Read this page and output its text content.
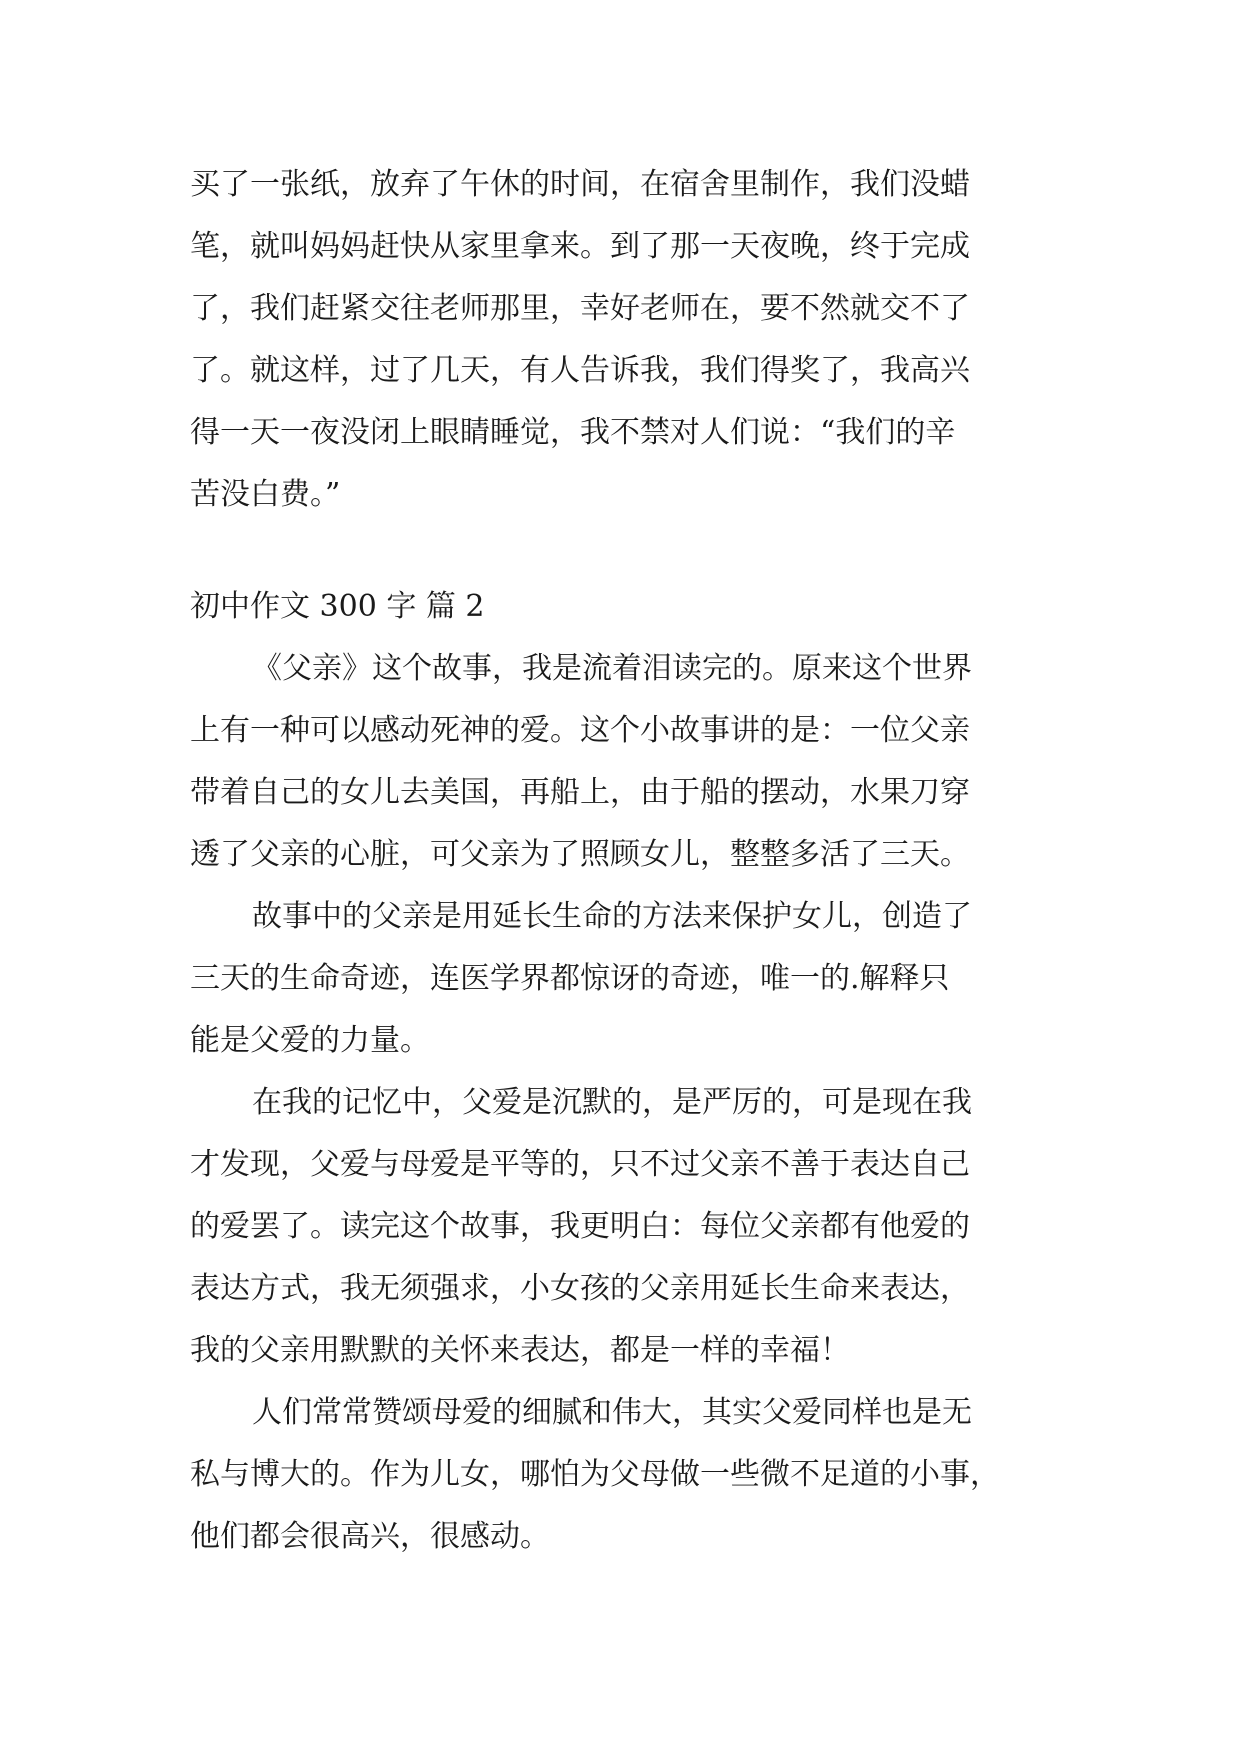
买了一张纸，放弃了午休的时间，在宿舍里制作，我们没蜡

笔，就叫妈妈赶快从家里拿来。到了那一天夜晚，终于完成

了，我们赶紧交往老师那里，幸好老师在，要不然就交不了

了。就这样，过了几天，有人告诉我，我们得奖了，我高兴

得一天一夜没闭上眼睛睡觉，我不禁对人们说：“我们的辛

苦没白费。”

初中作文 300 字 篇 2

《父亲》这个故事，我是流着泪读完的。原来这个世界

上有一种可以感动死神的爱。这个小故事讲的是：一位父亲

带着自己的女儿去美国，再船上，由于船的摆动，水果刀穿

透了父亲的心脏，可父亲为了照顾女儿，整整多活了三天。

故事中的父亲是用延长生命的方法来保护女儿，创造了

三天的生命奇迹，连医学界都惊讶的奇迹，唯一的.解释只

能是父爱的力量。

在我的记忆中，父爱是沉默的，是严厉的，可是现在我

才发现，父爱与母爱是平等的，只不过父亲不善于表达自己

的爱罢了。读完这个故事，我更明白：每位父亲都有他爱的

表达方式，我无须强求，小女孩的父亲用延长生命来表达，

我的父亲用默默的关怀来表达，都是一样的幸福！

人们常常赞颂母爱的细腻和伟大，其实父爱同样也是无

私与博大的。作为儿女，哪怕为父母做一些微不足道的小事，

他们都会很高兴，很感动。
